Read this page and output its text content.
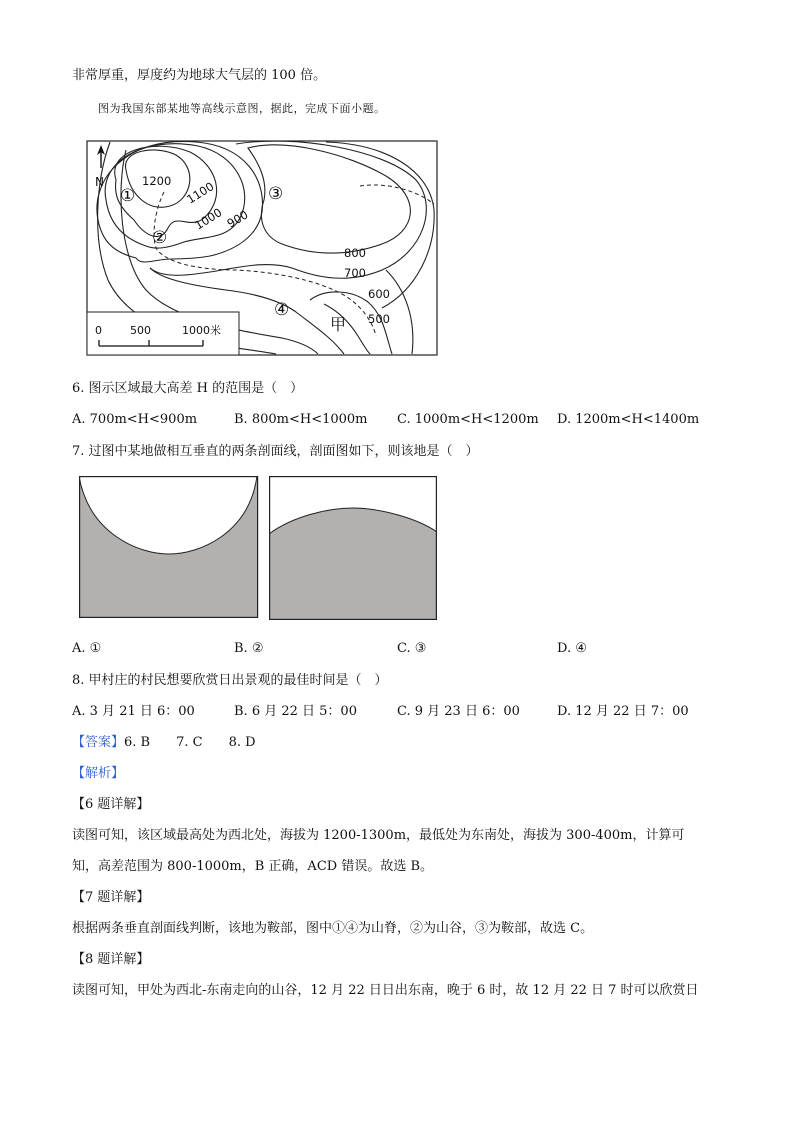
非常厚重，厚度约为地球大气层的 100 倍。
图为我国东部某地等高线示意图，据此，完成下面小题。
N	1200 1100
1000 900
800
700
600
500
①
②
③
④
甲
0	500	1000米
6. 图示区域最大高差 H 的范围是（　）
A. 700m<H<900m	B. 800m<H<1000m C. 1000m<H<1200m D. 1200m<H<1400m
7. 过图中某地做相互垂直的两条剖面线，剖面图如下，则该地是（　）
A. ①	B. ②	C. ③	D. ④
8. 甲村庄的村民想要欣赏日出景观的最佳时间是（　）
A. 3 月 21 日 6：00	B. 6 月 22 日 5：00	C. 9 月 23 日 6：00	D. 12 月 22 日 7：00
【答案】6. B　　7. C　　8. D
【解析】
【6 题详解】
读图可知，该区域最高处为西北处，海拔为 1200-1300m，最低处为东南处，海拔为 300-400m，计算可
知，高差范围为 800-1000m，B 正确，ACD 错误。故选 B。
【7 题详解】
根据两条垂直剖面线判断，该地为鞍部，图中①④为山脊，②为山谷，③为鞍部，故选 C。
【8 题详解】
读图可知，甲处为西北-东南走向的山谷，12 月 22 日日出东南，晚于 6 时，故 12 月 22 日 7 时可以欣赏日
